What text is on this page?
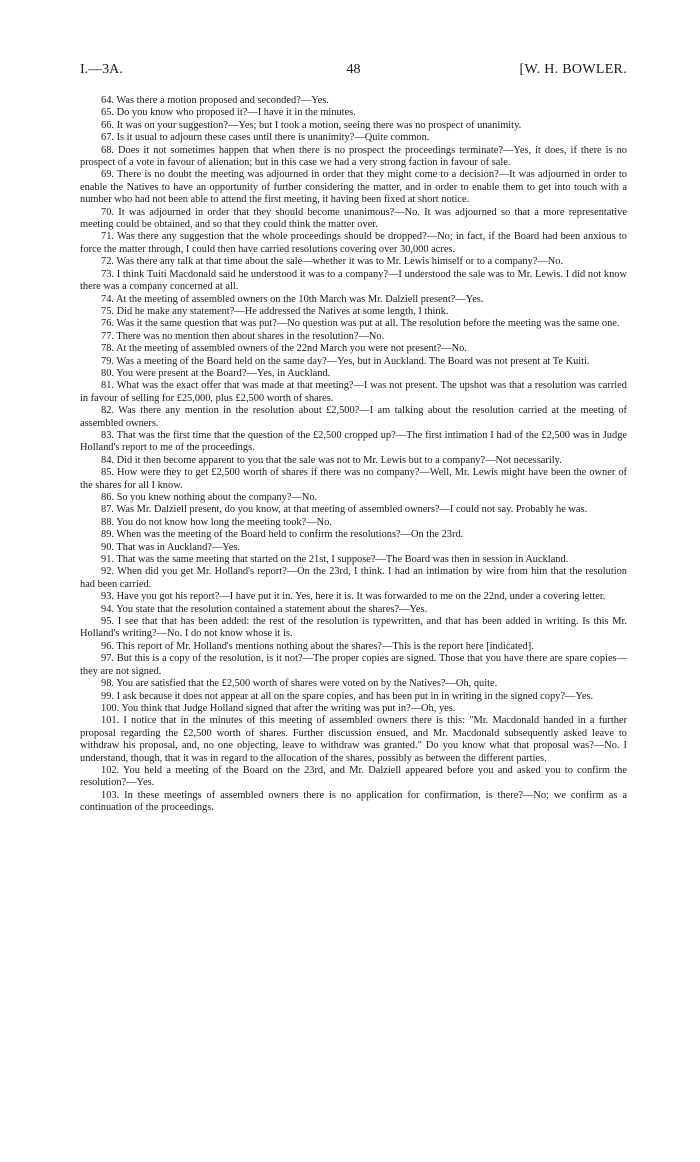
I.—3A.	48	[W. H. BOWLER.

64. Was there a motion proposed and seconded?—Yes.

65. Do you know who proposed it?—I have it in the minutes.

66. It was on your suggestion?—Yes; but I took a motion, seeing there was no prospect of unanimity.

67. Is it usual to adjourn these cases until there is unanimity?—Quite common.

68. Does it not sometimes happen that when there is no prospect the proceedings terminate?—Yes, it does, if there is no prospect of a vote in favour of alienation; but in this case we had a very strong faction in favour of sale.

69. There is no doubt the meeting was adjourned in order that they might come to a decision?—It was adjourned in order to enable the Natives to have an opportunity of further considering the matter, and in order to enable them to get into touch with a number who had not been able to attend the first meeting, it having been fixed at short notice.

70. It was adjourned in order that they should become unanimous?—No. It was adjourned so that a more representative meeting could be obtained, and so that they could think the matter over.

71. Was there any suggestion that the whole proceedings should be dropped?—No; in fact, if the Board had been anxious to force the matter through, I could then have carried resolutions covering over 30,000 acres.

72. Was there any talk at that time about the sale—whether it was to Mr. Lewis himself or to a company?—No.

73. I think Tuiti Macdonald said he understood it was to a company?—I understood the sale was to Mr. Lewis. I did not know there was a company concerned at all.

74. At the meeting of assembled owners on the 10th March was Mr. Dalziell present?—Yes.

75. Did he make any statement?—He addressed the Natives at some length, I think.

76. Was it the same question that was put?—No question was put at all. The resolution before the meeting was the same one.

77. There was no mention then about shares in the resolution?—No.

78. At the meeting of assembled owners of the 22nd March you were not present?—No.

79. Was a meeting of the Board held on the same day?—Yes, but in Auckland. The Board was not present at Te Kuiti.

80. You were present at the Board?—Yes, in Auckland.

81. What was the exact offer that was made at that meeting?—I was not present. The upshot was that a resolution was carried in favour of selling for £25,000, plus £2,500 worth of shares.

82. Was there any mention in the resolution about £2,500?—I am talking about the resolution carried at the meeting of assembled owners.

83. That was the first time that the question of the £2,500 cropped up?—The first intimation I had of the £2,500 was in Judge Holland's report to me of the proceedings.

84. Did it then become apparent to you that the sale was not to Mr. Lewis but to a company?—Not necessarily.

85. How were they to get £2,500 worth of shares if there was no company?—Well, Mr. Lewis might have been the owner of the shares for all I know.

86. So you knew nothing about the company?—No.

87. Was Mr. Dalziell present, do you know, at that meeting of assembled owners?—I could not say. Probably he was.

88. You do not know how long the meeting took?—No.

89. When was the meeting of the Board held to confirm the resolutions?—On the 23rd.

90. That was in Auckland?—Yes.

91. That was the same meeting that started on the 21st, I suppose?—The Board was then in session in Auckland.

92. When did you get Mr. Holland's report?—On the 23rd, I think. I had an intimation by wire from him that the resolution had been carried.

93. Have you got his report?—I have put it in. Yes, here it is. It was forwarded to me on the 22nd, under a covering letter.

94. You state that the resolution contained a statement about the shares?—Yes.

95. I see that that has been added: the rest of the resolution is typewritten, and that has been added in writing. Is this Mr. Holland's writing?—No. I do not know whose it is.

96. This report of Mr. Holland's mentions nothing about the shares?—This is the report here [indicated].

97. But this is a copy of the resolution, is it not?—The proper copies are signed. Those that you have there are spare copies—they are not signed.

98. You are satisfied that the £2,500 worth of shares were voted on by the Natives?—Oh, quite.

99. I ask because it does not appear at all on the spare copies, and has been put in in writing in the signed copy?—Yes.

100. You think that Judge Holland signed that after the writing was put in?—Oh, yes.

101. I notice that in the minutes of this meeting of assembled owners there is this: "Mr. Macdonald handed in a further proposal regarding the £2,500 worth of shares. Further discussion ensued, and Mr. Macdonald subsequently asked leave to withdraw his proposal, and, no one objecting, leave to withdraw was granted." Do you know what that proposal was?—No. I understand, though, that it was in regard to the allocation of the shares, possibly as between the different parties.

102. You held a meeting of the Board on the 23rd, and Mr. Dalziell appeared before you and asked you to confirm the resolution?—Yes.

103. In these meetings of assembled owners there is no application for confirmation, is there?—No; we confirm as a continuation of the proceedings.
